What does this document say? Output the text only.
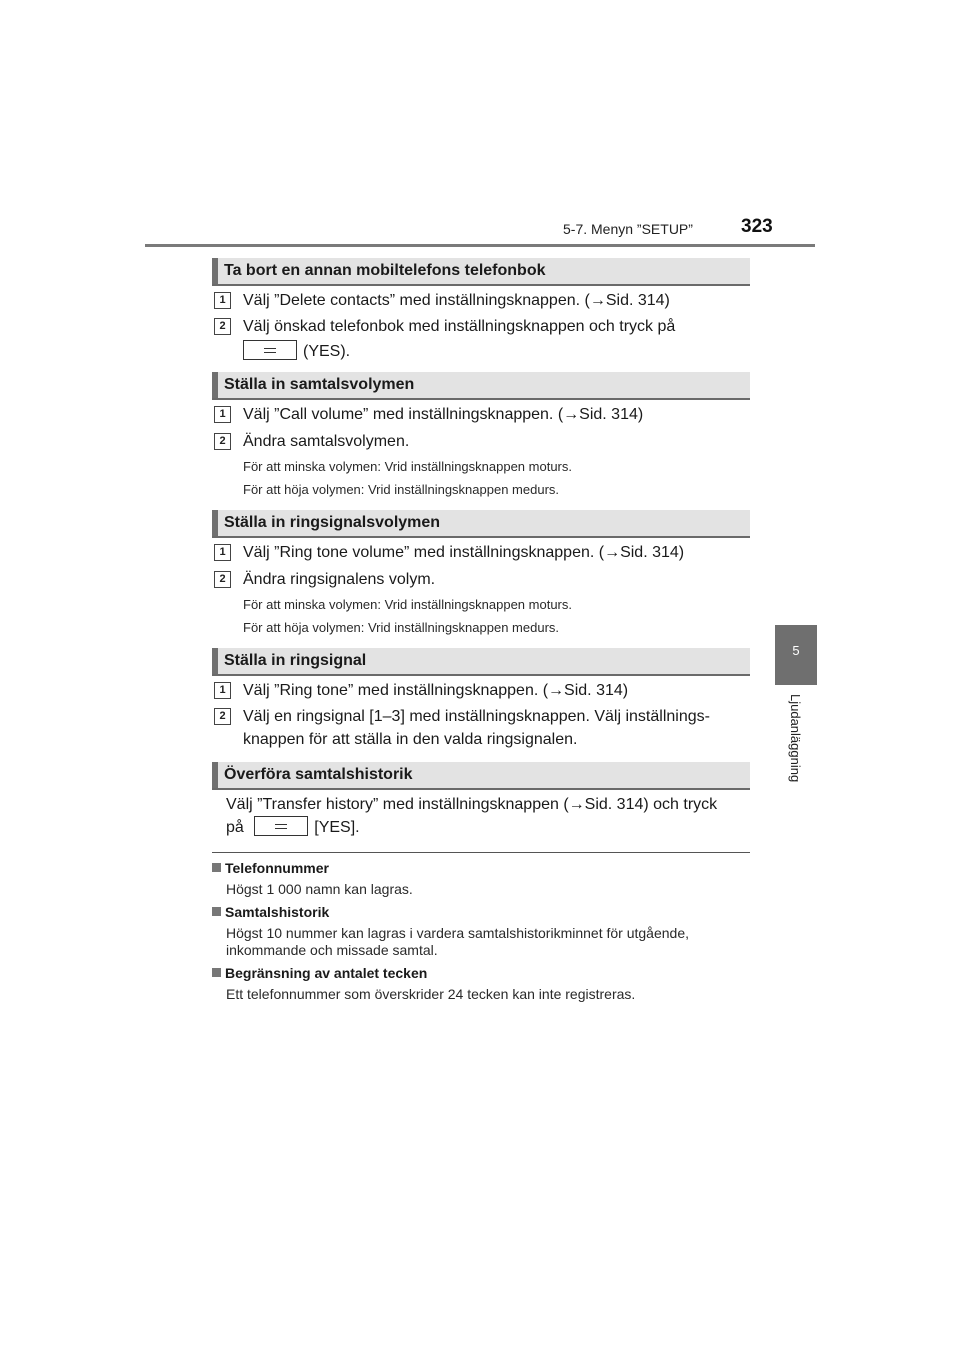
5-7. Menyn ”SETUP”	323
5
Ljudanläggning
Ta bort en annan mobiltelefons telefonbok
1	Välj ”Delete contacts” med inställningsknappen. (→Sid. 314)
2	Välj önskad telefonbok med inställningsknappen och tryck på
(YES).
Ställa in samtalsvolymen
1	Välj ”Call volume” med inställningsknappen. (→Sid. 314)
2	Ändra samtalsvolymen.
För att minska volymen: Vrid inställningsknappen moturs.
För att höja volymen: Vrid inställningsknappen medurs.
Ställa in ringsignalsvolymen
1	Välj ”Ring tone volume” med inställningsknappen. (→Sid. 314)
2	Ändra ringsignalens volym.
För att minska volymen: Vrid inställningsknappen moturs.
För att höja volymen: Vrid inställningsknappen medurs.
Ställa in ringsignal
1	Välj ”Ring tone” med inställningsknappen. (→Sid. 314)
2	Välj en ringsignal [1–3] med inställningsknappen. Välj inställnings-
knappen för att ställa in den valda ringsignalen.
Överföra samtalshistorik
Välj ”Transfer history” med inställningsknappen (→Sid. 314) och tryck
på	[YES].
Telefonnummer
Högst 1 000 namn kan lagras.
Samtalshistorik
Högst 10 nummer kan lagras i vardera samtalshistorikminnet för utgående,
inkommande och missade samtal.
Begränsning av antalet tecken
Ett telefonnummer som överskrider 24 tecken kan inte registreras.
